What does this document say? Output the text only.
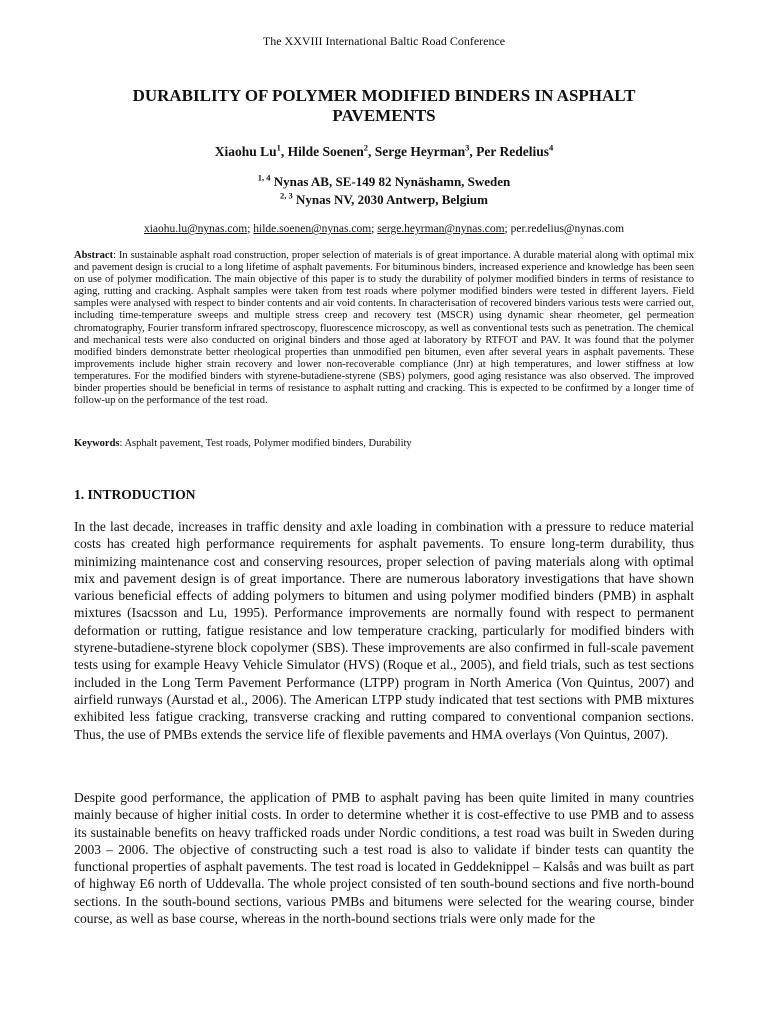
The XXVIII International Baltic Road Conference
DURABILITY OF POLYMER MODIFIED BINDERS IN ASPHALT PAVEMENTS
Xiaohu Lu$^1$, Hilde Soenen$^2$, Serge Heyrman$^3$, Per Redelius$^4$
$^{1, 4}$ Nynas AB, SE-149 82 Nynäshamn, Sweden
$^{2, 3}$ Nynas NV, 2030 Antwerp, Belgium
xiaohu.lu@nynas.com; hilde.soenen@nynas.com; serge.heyrman@nynas.com; per.redelius@nynas.com
Abstract: In sustainable asphalt road construction, proper selection of materials is of great importance. A durable material along with optimal mix and pavement design is crucial to a long lifetime of asphalt pavements. For bituminous binders, increased experience and knowledge has been seen on use of polymer modification. The main objective of this paper is to study the durability of polymer modified binders in terms of resistance to aging, rutting and cracking. Asphalt samples were taken from test roads where polymer modified binders were tested in different layers. Field samples were analysed with respect to binder contents and air void contents. In characterisation of recovered binders various tests were carried out, including time-temperature sweeps and multiple stress creep and recovery test (MSCR) using dynamic shear rheometer, gel permeation chromatography, Fourier transform infrared spectroscopy, fluorescence microscopy, as well as conventional tests such as penetration. The chemical and mechanical tests were also conducted on original binders and those aged at laboratory by RTFOT and PAV. It was found that the polymer modified binders demonstrate better rheological properties than unmodified pen bitumen, even after several years in asphalt pavements. These improvements include higher strain recovery and lower non-recoverable compliance (Jnr) at high temperatures, and lower stiffness at low temperatures. For the modified binders with styrene-butadiene-styrene (SBS) polymers, good aging resistance was also observed. The improved binder properties should be beneficial in terms of resistance to asphalt rutting and cracking. This is expected to be confirmed by a longer time of follow-up on the performance of the test road.
Keywords: Asphalt pavement, Test roads, Polymer modified binders, Durability
1. INTRODUCTION
In the last decade, increases in traffic density and axle loading in combination with a pressure to reduce material costs has created high performance requirements for asphalt pavements. To ensure long-term durability, thus minimizing maintenance cost and conserving resources, proper selection of paving materials along with optimal mix and pavement design is of great importance. There are numerous laboratory investigations that have shown various beneficial effects of adding polymers to bitumen and using polymer modified binders (PMB) in asphalt mixtures (Isacsson and Lu, 1995). Performance improvements are normally found with respect to permanent deformation or rutting, fatigue resistance and low temperature cracking, particularly for modified binders with styrene-butadiene-styrene block copolymer (SBS). These improvements are also confirmed in full-scale pavement tests using for example Heavy Vehicle Simulator (HVS) (Roque et al., 2005), and field trials, such as test sections included in the Long Term Pavement Performance (LTPP) program in North America (Von Quintus, 2007) and airfield runways (Aurstad et al., 2006). The American LTPP study indicated that test sections with PMB mixtures exhibited less fatigue cracking, transverse cracking and rutting compared to conventional companion sections. Thus, the use of PMBs extends the service life of flexible pavements and HMA overlays (Von Quintus, 2007).
Despite good performance, the application of PMB to asphalt paving has been quite limited in many countries mainly because of higher initial costs. In order to determine whether it is cost-effective to use PMB and to assess its sustainable benefits on heavy trafficked roads under Nordic conditions, a test road was built in Sweden during 2003 – 2006. The objective of constructing such a test road is also to validate if binder tests can quantity the functional properties of asphalt pavements. The test road is located in Geddeknippel – Kalsås and was built as part of highway E6 north of Uddevalla. The whole project consisted of ten south-bound sections and five north-bound sections. In the south-bound sections, various PMBs and bitumens were selected for the wearing course, binder course, as well as base course, whereas in the north-bound sections trials were only made for the
